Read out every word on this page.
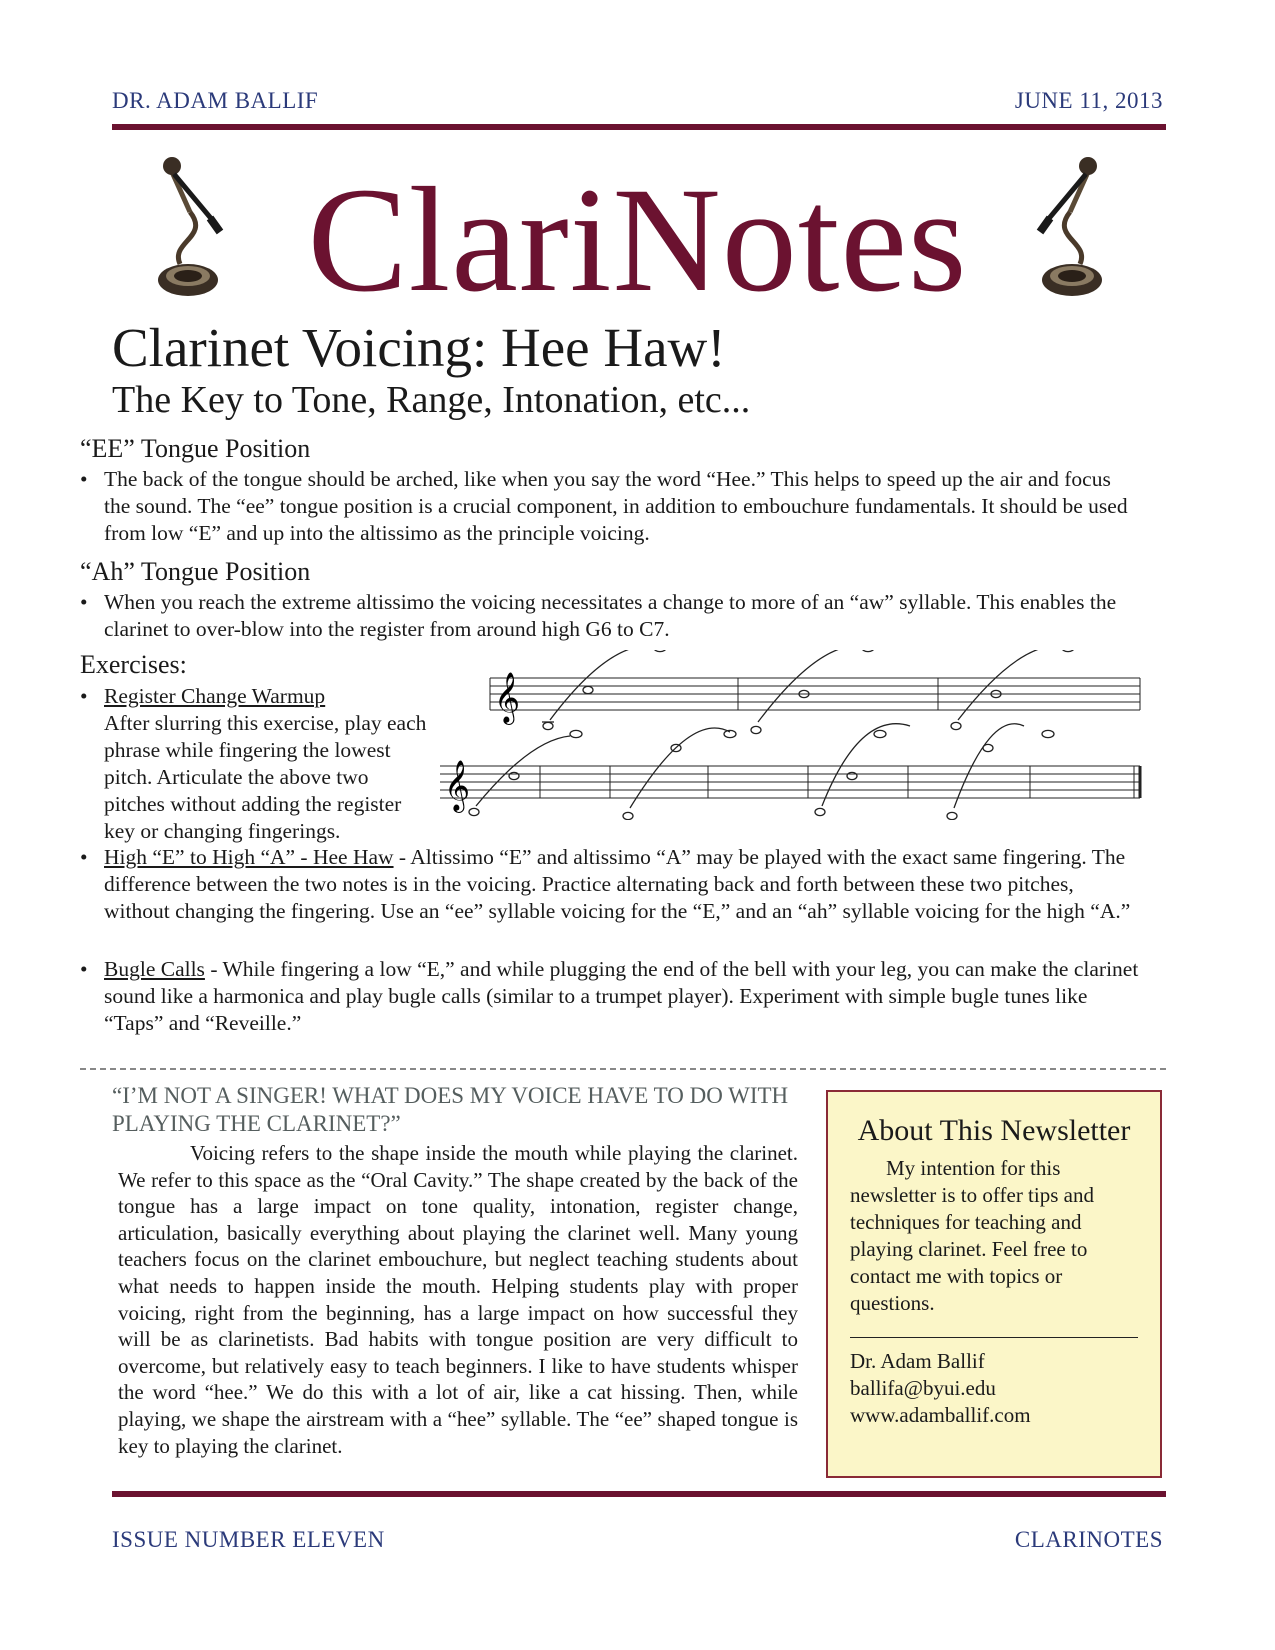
DR. ADAM BALLIF	JUNE 11, 2013
ClariNotes
Clarinet Voicing: Hee Haw!
The Key to Tone, Range, Intonation, etc...
“EE” Tongue Position
• The back of the tongue should be arched, like when you say the word “Hee.” This helps to speed up the air and focus the sound. The “ee” tongue position is a crucial component, in addition to embouchure fundamentals. It should be used from low “E” and up into the altissimo as the principle voicing.
“Ah” Tongue Position
• When you reach the extreme altissimo the voicing necessitates a change to more of an “aw” syllable. This enables the clarinet to over-blow into the register from around high G6 to C7.
Exercises:
• Register Change Warmup
After slurring this exercise, play each phrase while fingering the lowest pitch. Articulate the above two pitches without adding the register key or changing fingerings.
𝄞
𝄞
• High “E” to High “A” - Hee Haw - Altissimo “E” and altissimo “A” may be played with the exact same fingering. The difference between the two notes is in the voicing. Practice alternating back and forth between these two pitches, without changing the fingering. Use an “ee” syllable voicing for the “E,” and an “ah” syllable voicing for the high “A.”
• Bugle Calls - While fingering a low “E,” and while plugging the end of the bell with your leg, you can make the clarinet sound like a harmonica and play bugle calls (similar to a trumpet player). Experiment with simple bugle tunes like “Taps” and “Reveille.”
“I’M NOT A SINGER! WHAT DOES MY VOICE HAVE TO DO WITH PLAYING THE CLARINET?”
Voicing refers to the shape inside the mouth while playing the clarinet. We refer to this space as the “Oral Cavity.” The shape created by the back of the tongue has a large impact on tone quality, intonation, register change, articulation, basically everything about playing the clarinet well. Many young teachers focus on the clarinet embouchure, but neglect teaching students about what needs to happen inside the mouth. Helping students play with proper voicing, right from the beginning, has a large impact on how successful they will be as clarinetists. Bad habits with tongue position are very difficult to overcome, but relatively easy to teach beginners. I like to have students whisper the word “hee.” We do this with a lot of air, like a cat hissing. Then, while playing, we shape the airstream with a “hee” syllable. The “ee” shaped tongue is key to playing the clarinet.
About This Newsletter
My intention for this newsletter is to offer tips and techniques for teaching and playing clarinet. Feel free to contact me with topics or questions.
Dr. Adam Ballif
ballifa@byui.edu
www.adamballif.com
ISSUE NUMBER ELEVEN	CLARINOTES
